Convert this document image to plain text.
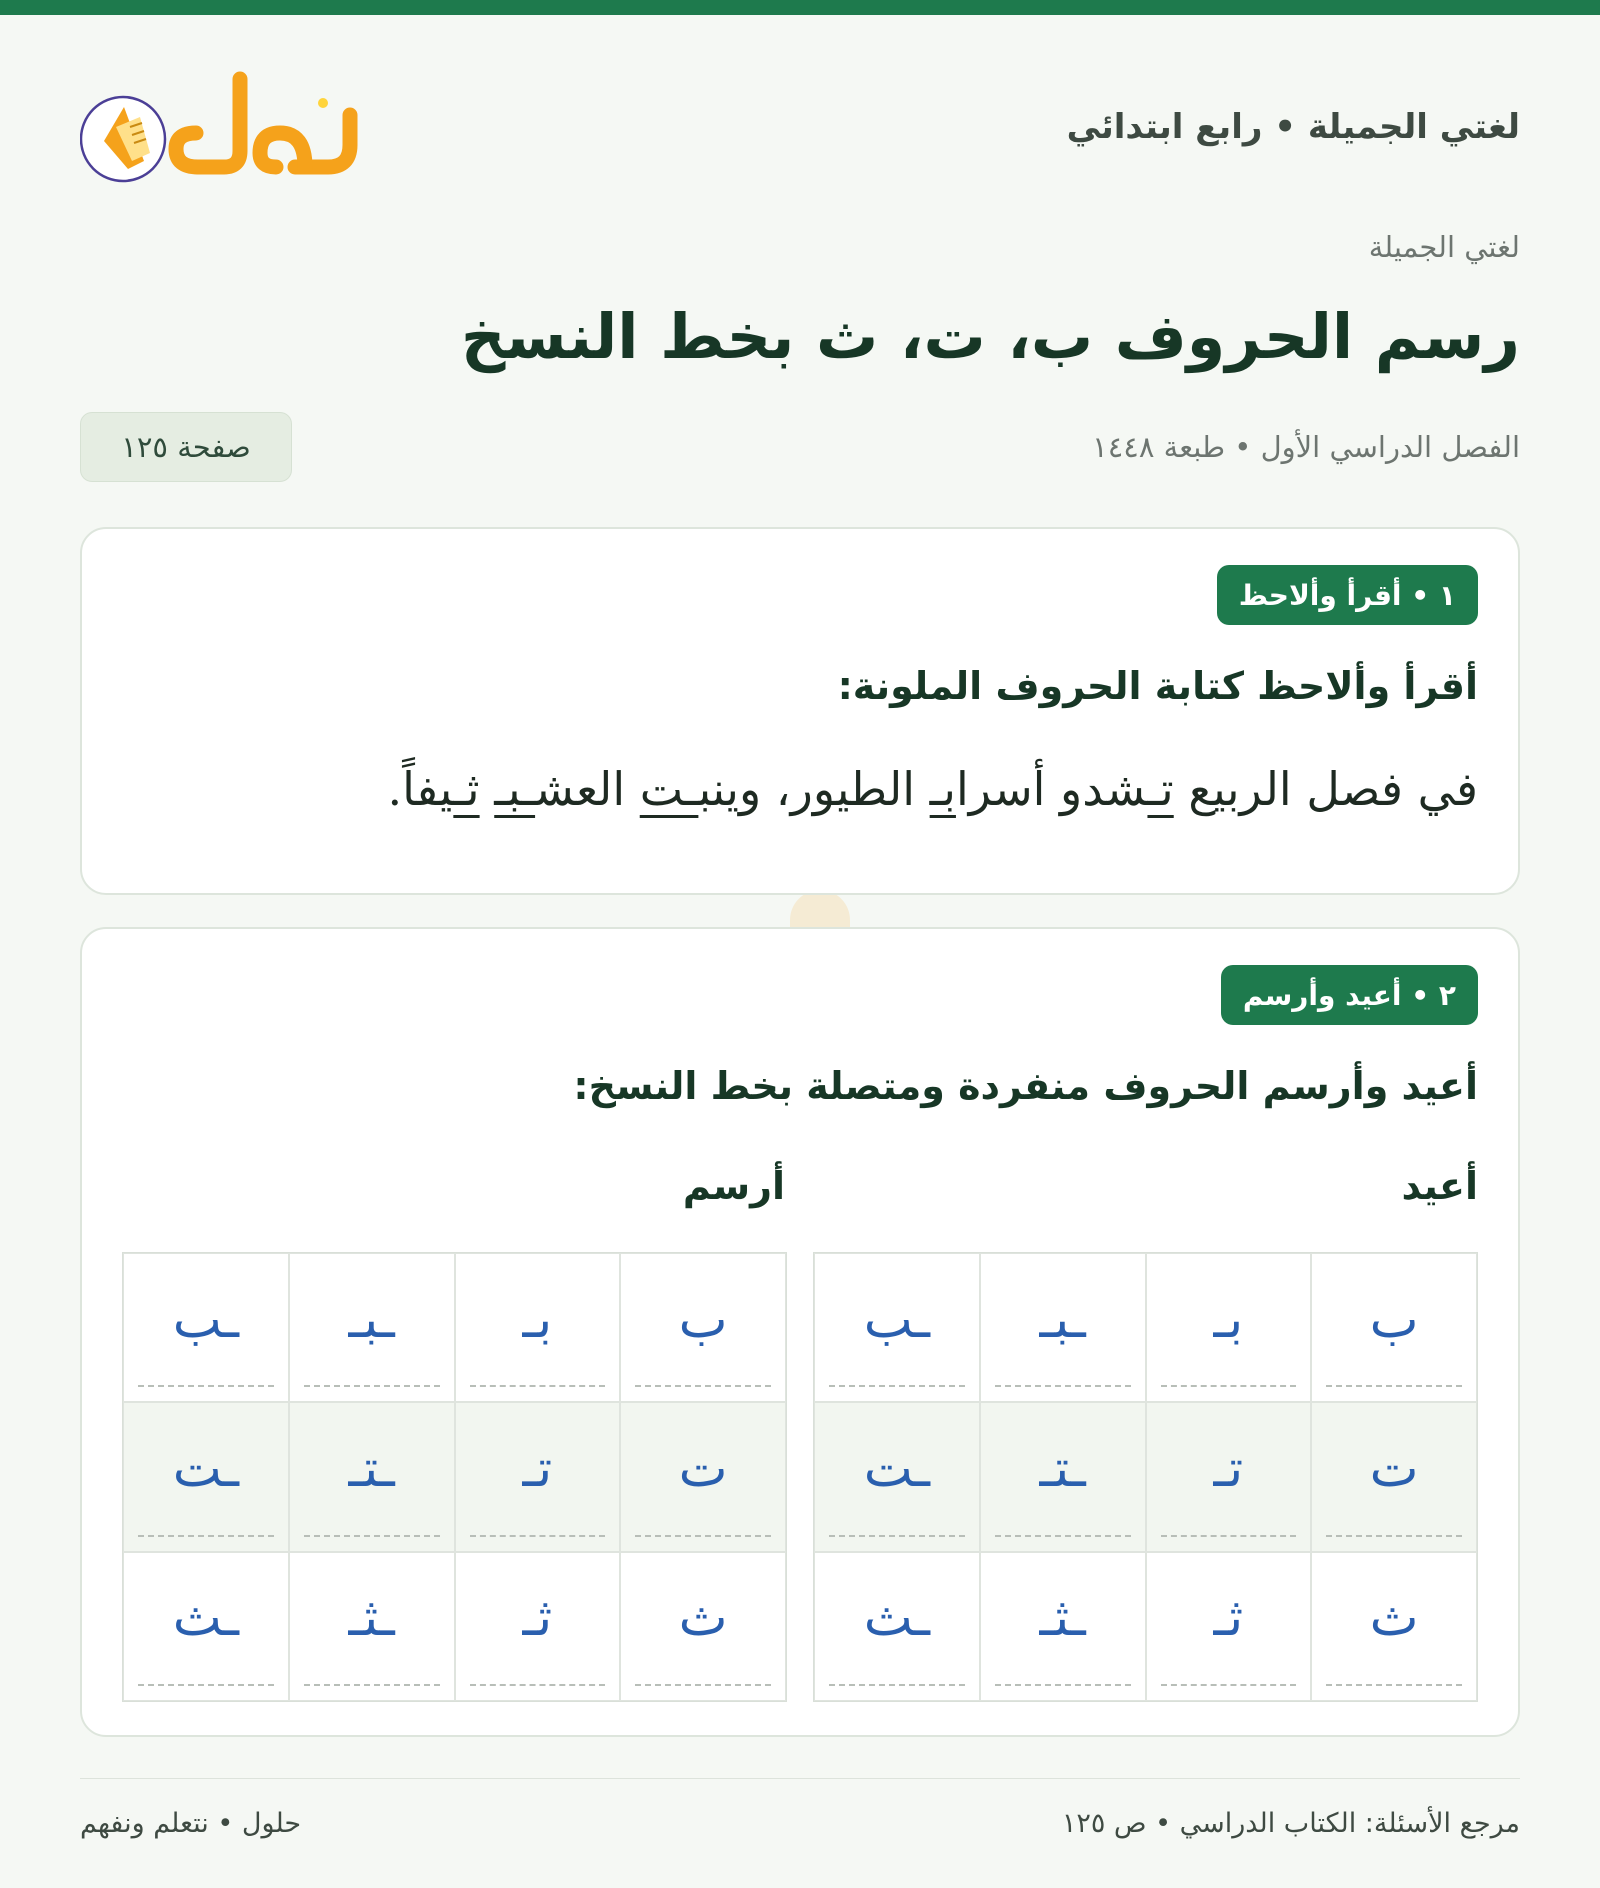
لغتي الجميلة • رابع ابتدائي
لغتي الجميلة
رسم الحروف ب، ت، ث بخط النسخ
الفصل الدراسي الأول • طبعة ١٤٤٨
صفحة ١٢٥
١ • أقرأ وألاحظ
أقرأ وألاحظ كتابة الحروف الملونة:
في فصل الربيع تـشدو أسرابـ الطيور، وينبـت العشـبـ ثـيفاً.
٢ • أعيد وأرسم
أعيد وأرسم الحروف منفردة ومتصلة بخط النسخ:
أعيد
أرسم
ب
بـ
ـبـ
ـب
ت
تـ
ـتـ
ـت
ث
ثـ
ـثـ
ـث
ب
بـ
ـبـ
ـب
ت
تـ
ـتـ
ـت
ث
ثـ
ـثـ
ـث
مرجع الأسئلة: الكتاب الدراسي • ص ١٢٥
حلول • نتعلم ونفهم
